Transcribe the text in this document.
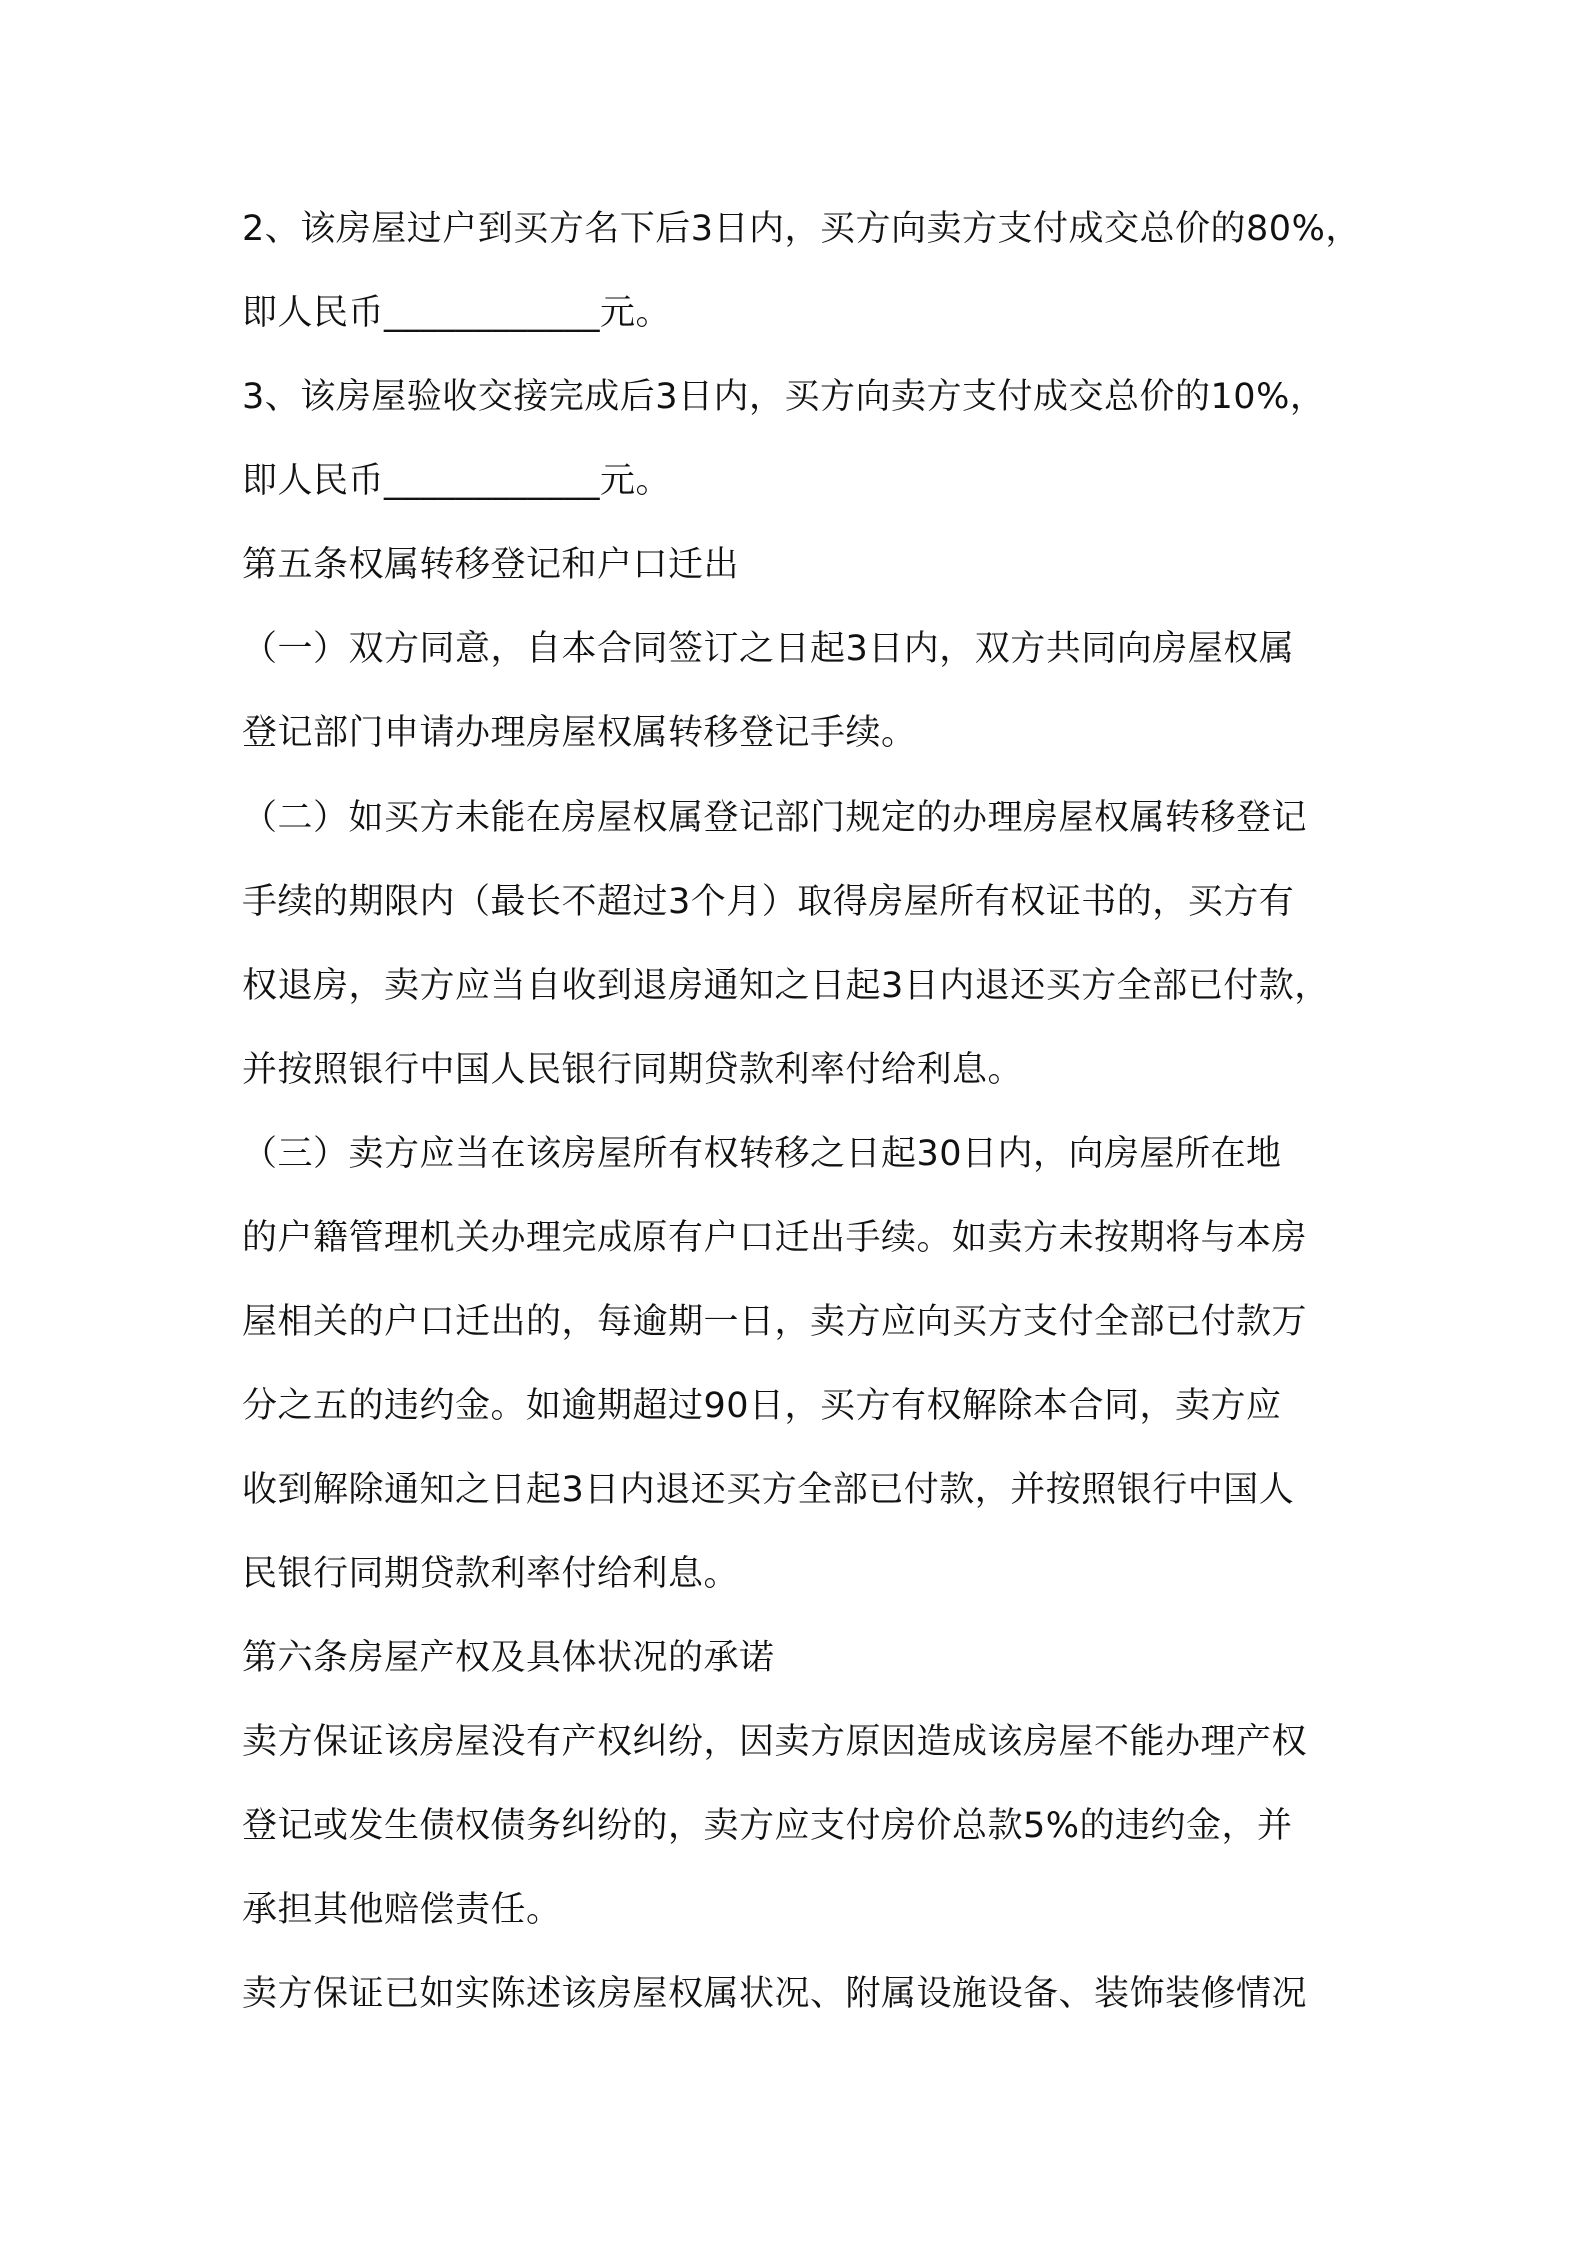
2、该房屋过户到买方名下后3日内，买方向卖方支付成交总价的80%，

即人民币____________元。

3、该房屋验收交接完成后3日内，买方向卖方支付成交总价的10%，

即人民币____________元。

第五条权属转移登记和户口迁出

（一）双方同意，自本合同签订之日起3日内，双方共同向房屋权属

登记部门申请办理房屋权属转移登记手续。

（二）如买方未能在房屋权属登记部门规定的办理房屋权属转移登记

手续的期限内（最长不超过3个月）取得房屋所有权证书的，买方有

权退房，卖方应当自收到退房通知之日起3日内退还买方全部已付款，

并按照银行中国人民银行同期贷款利率付给利息。

（三）卖方应当在该房屋所有权转移之日起30日内，向房屋所在地

的户籍管理机关办理完成原有户口迁出手续。如卖方未按期将与本房

屋相关的户口迁出的，每逾期一日，卖方应向买方支付全部已付款万

分之五的违约金。如逾期超过90日，买方有权解除本合同，卖方应

收到解除通知之日起3日内退还买方全部已付款，并按照银行中国人

民银行同期贷款利率付给利息。

第六条房屋产权及具体状况的承诺

卖方保证该房屋没有产权纠纷，因卖方原因造成该房屋不能办理产权

登记或发生债权债务纠纷的，卖方应支付房价总款5%的违约金，并

承担其他赔偿责任。

卖方保证已如实陈述该房屋权属状况、附属设施设备、装饰装修情况
